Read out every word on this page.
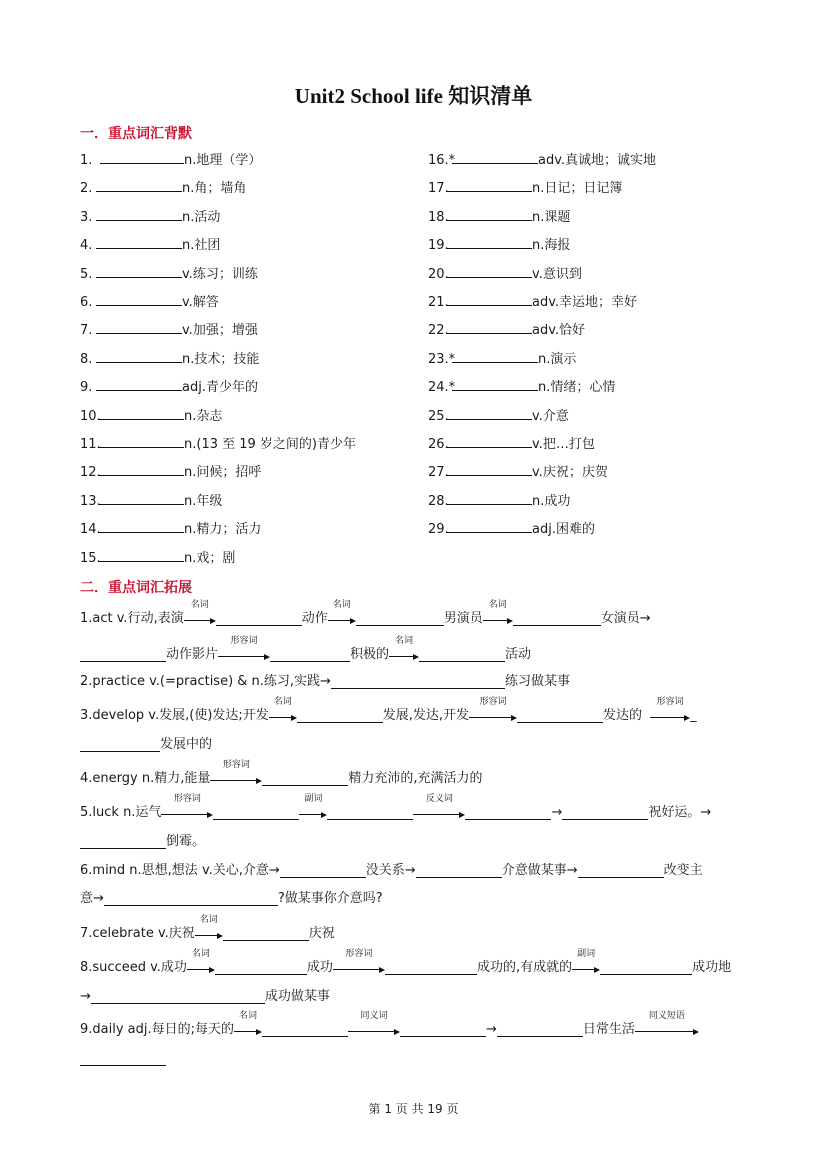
Unit2 School life 知识清单
一．重点词汇背默
1.	n.地理（学）
2.	n.角；墙角
3.	n.活动
4.	n.社团
5.	v.练习；训练
6.	v.解答
7.	v.加强；增强
8.	n.技术；技能
9.	adj.青少年的
10.	n.杂志
11.	n.(13 至 19 岁之间的)青少年
12.	n.问候；招呼
13.	n.年级
14.	n.精力；活力
15.	n.戏；剧
16.*	adv.真诚地；诚实地
17.	n.日记；日记簿
18.	n.课题
19.	n.海报
20.	v.意识到
21.	adv.幸运地；幸好
22.	adv.恰好
23.*	n.演示
24.*	n.情绪；心情
25.	v.介意
26.	v.把…打包
27.	v.庆祝；庆贺
28.	n.成功
29.	adj.困难的
二．重点词汇拓展
1.act v.行动,表演
名词
动作
名词
男演员
名词
女演员→
动作影片
形容词
积极的
名词
活动
2.practice v.(=practise) & n.练习,实践→	练习做某事
3.develop v.发展,(使)发达;开发
名词
发展,发达,开发
形容词
发达的
形容词
_
发展中的
4.energy n.精力,能量
形容词
精力充沛的,充满活力的
5.luck n.运气
形容词	副词	反义词
→	祝好运。→
倒霉。
6.mind n.思想,想法 v.关心,介意→	没关系→	介意做某事→	改变主
意→	?做某事你介意吗?
7.celebrate v.庆祝
名词
庆祝
8.succeed v.成功
名词
成功
形容词
成功的,有成就的
副词
成功地
→	成功做某事
9.daily adj.每日的;每天的
名词	同义词
→	日常生活
同义短语
第 1 页 共 19 页
